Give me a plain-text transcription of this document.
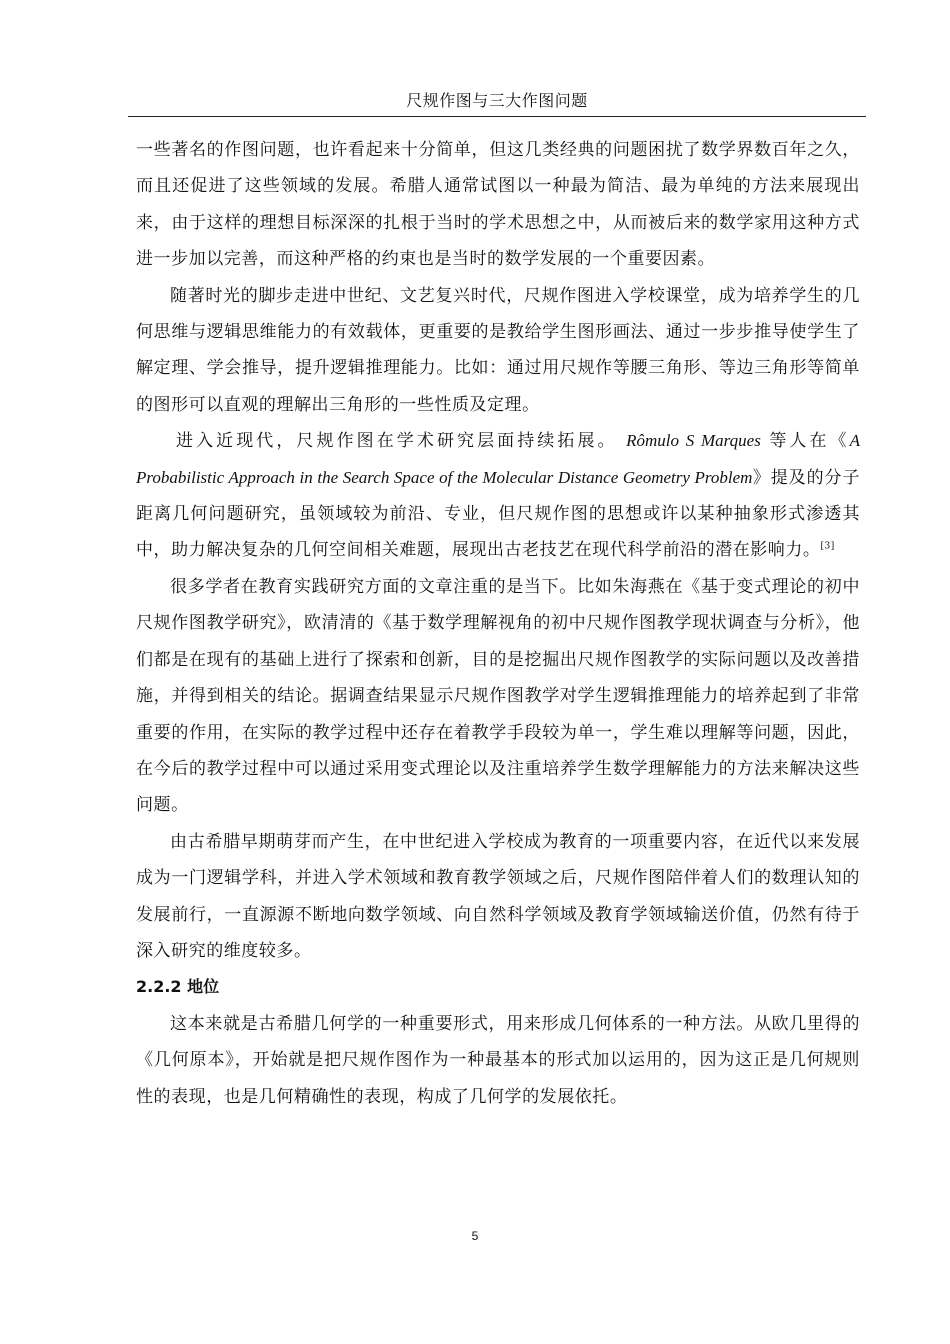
尺规作图与三大作图问题

一些著名的作图问题，也许看起来十分简单，但这几类经典的问题困扰了数学界数百年之久，而且还促进了这些领域的发展。希腊人通常试图以一种最为简洁、最为单纯的方法来展现出来，由于这样的理想目标深深的扎根于当时的学术思想之中，从而被后来的数学家用这种方式进一步加以完善，而这种严格的约束也是当时的数学发展的一个重要因素。

随著时光的脚步走进中世纪、文艺复兴时代，尺规作图进入学校课堂，成为培养学生的几何思维与逻辑思维能力的有效载体，更重要的是教给学生图形画法、通过一步步推导使学生了解定理、学会推导，提升逻辑推理能力。比如：通过用尺规作等腰三角形、等边三角形等简单的图形可以直观的理解出三角形的一些性质及定理。

进入近现代，尺规作图在学术研究层面持续拓展。 Rômulo S Marques 等人在《A Probabilistic Approach in the Search Space of the Molecular Distance Geometry Problem》提及的分子距离几何问题研究，虽领域较为前沿、专业，但尺规作图的思想或许以某种抽象形式渗透其中，助力解决复杂的几何空间相关难题，展现出古老技艺在现代科学前沿的潜在影响力。[3]

很多学者在教育实践研究方面的文章注重的是当下。比如朱海燕在《基于变式理论的初中尺规作图教学研究》，欧清清的《基于数学理解视角的初中尺规作图教学现状调查与分析》，他们都是在现有的基础上进行了探索和创新，目的是挖掘出尺规作图教学的实际问题以及改善措施，并得到相关的结论。据调查结果显示尺规作图教学对学生逻辑推理能力的培养起到了非常重要的作用，在实际的教学过程中还存在着教学手段较为单一，学生难以理解等问题，因此，在今后的教学过程中可以通过采用变式理论以及注重培养学生数学理解能力的方法来解决这些问题。

由古希腊早期萌芽而产生，在中世纪进入学校成为教育的一项重要内容，在近代以来发展成为一门逻辑学科，并进入学术领域和教育教学领域之后，尺规作图陪伴着人们的数理认知的发展前行，一直源源不断地向数学领域、向自然科学领域及教育学领域输送价值，仍然有待于深入研究的维度较多。

2.2.2 地位

这本来就是古希腊几何学的一种重要形式，用来形成几何体系的一种方法。从欧几里得的《几何原本》，开始就是把尺规作图作为一种最基本的形式加以运用的，因为这正是几何规则性的表现，也是几何精确性的表现，构成了几何学的发展依托。

5
